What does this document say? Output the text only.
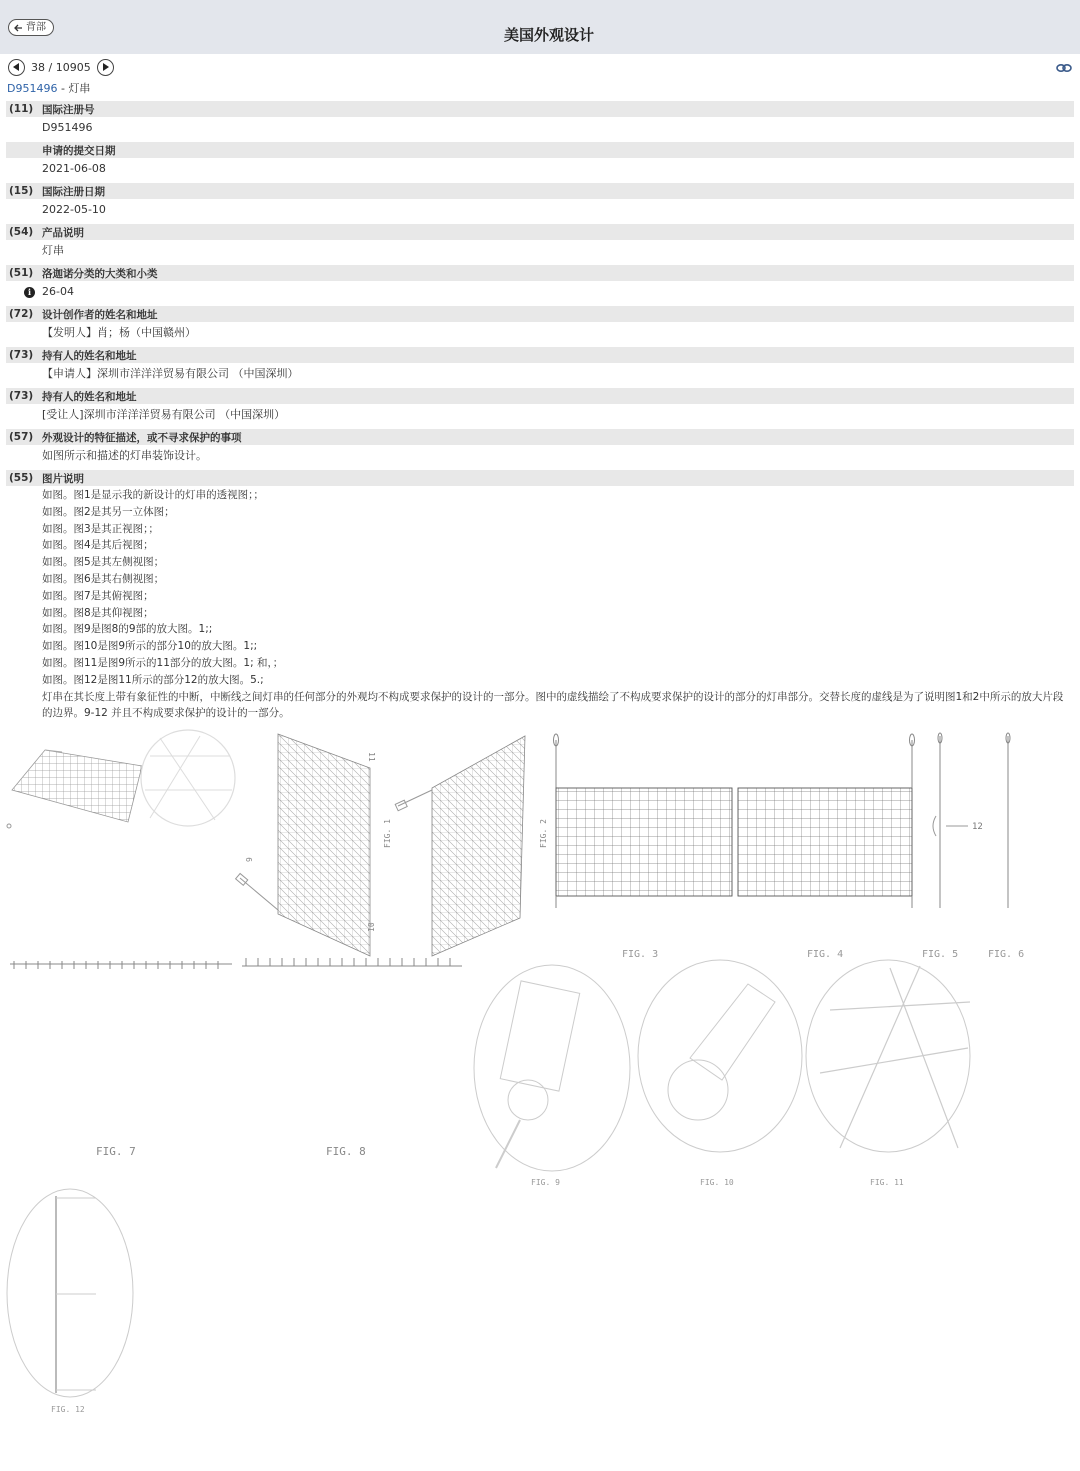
背部	美国外观设计
38 / 10905
D951496 - 灯串
(11) 国际注册号
D951496
申请的提交日期
2021-06-08
(15) 国际注册日期
2022-05-10
(54) 产品说明
灯串
(51) 洛迦诺分类的大类和小类
i 26-04
(72) 设计创作者的姓名和地址
【发明人】肖；杨（中国赣州）
(73) 持有人的姓名和地址
【申请人】深圳市洋洋洋贸易有限公司 （中国深圳）
(73) 持有人的姓名和地址
[受让人]深圳市洋洋洋贸易有限公司 （中国深圳）
(57) 外观设计的特征描述，或不寻求保护的事项
如图所示和描述的灯串装饰设计。
(55) 图片说明
如图。图1是显示我的新设计的灯串的透视图；；
如图。图2是其另一立体图；
如图。图3是其正视图；；
如图。图4是其后视图；
如图。图5是其左侧视图；
如图。图6是其右侧视图；
如图。图7是其俯视图；
如图。图8是其仰视图；
如图。图9是图8的9部的放大图。1;;
如图。图10是图9所示的部分10的放大图。1;;
如图。图11是图9所示的11部分的放大图。1; 和，；
如图。图12是图11所示的部分12的放大图。5.;
灯串在其长度上带有象征性的中断，中断线之间灯串的任何部分的外观均不构成要求保护的设计的一部分。图中的虚线描绘了不构成要求保护的设计的部分的灯串部分。交替长度的虚线是为了说明图1和2中所示的放大片段的边界。9-12 并且不构成要求保护的设计的一部分。
9
11
10
FIG. 1	FIG. 2	12
FIG. 3	FIG. 4	FIG. 5	FIG. 6
FIG. 7	FIG. 8
FIG. 9	FIG. 10	FIG. 11
FIG. 12
